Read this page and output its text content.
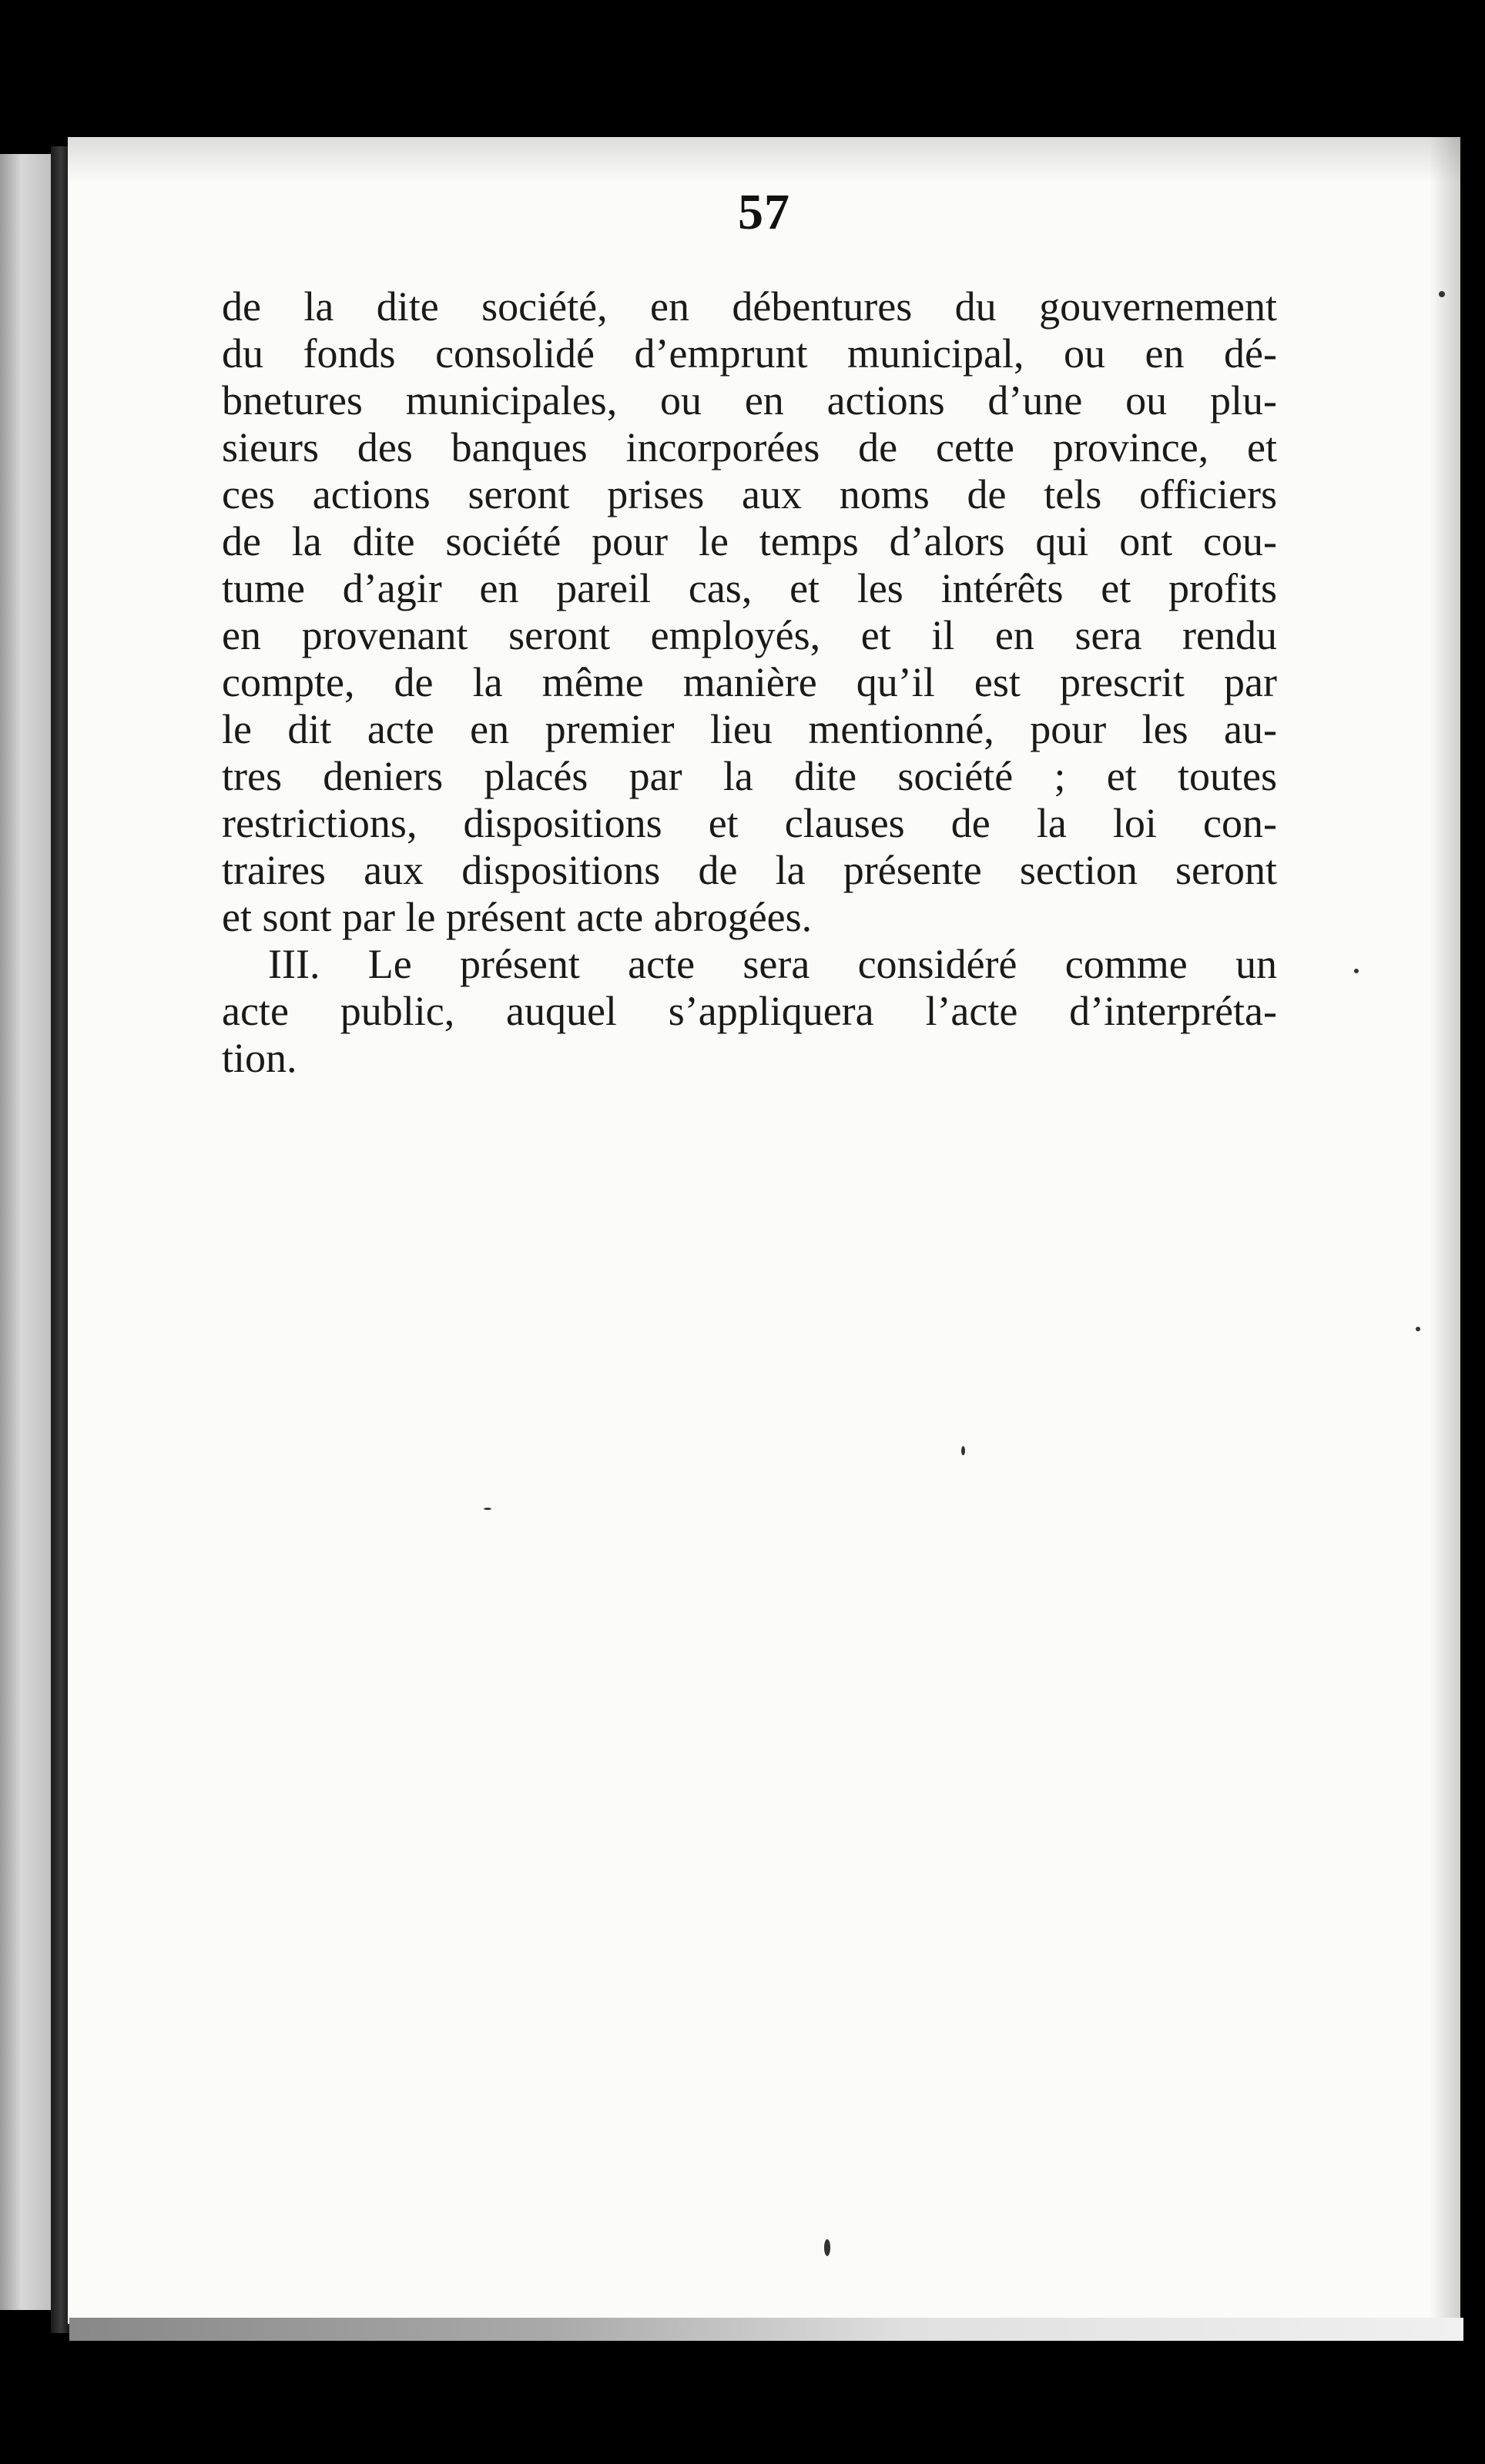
57
de la dite société, en débentures du gouvernement
du fonds consolidé d’emprunt municipal, ou en dé-
bnetures municipales, ou en actions d’une ou plu-
sieurs des banques incorporées de cette province, et
ces actions seront prises aux noms de tels officiers
de la dite société pour le temps d’alors qui ont cou-
tume d’agir en pareil cas, et les intérêts et profits
en provenant seront employés, et il en sera rendu
compte, de la même manière qu’il est prescrit par
le dit acte en premier lieu mentionné, pour les au-
tres deniers placés par la dite société ; et toutes
restrictions, dispositions et clauses de la loi con-
traires aux dispositions de la présente section seront
et sont par le présent acte abrogées.
III. Le présent acte sera considéré comme un
acte public, auquel s’appliquera l’acte d’interpréta-
tion.
